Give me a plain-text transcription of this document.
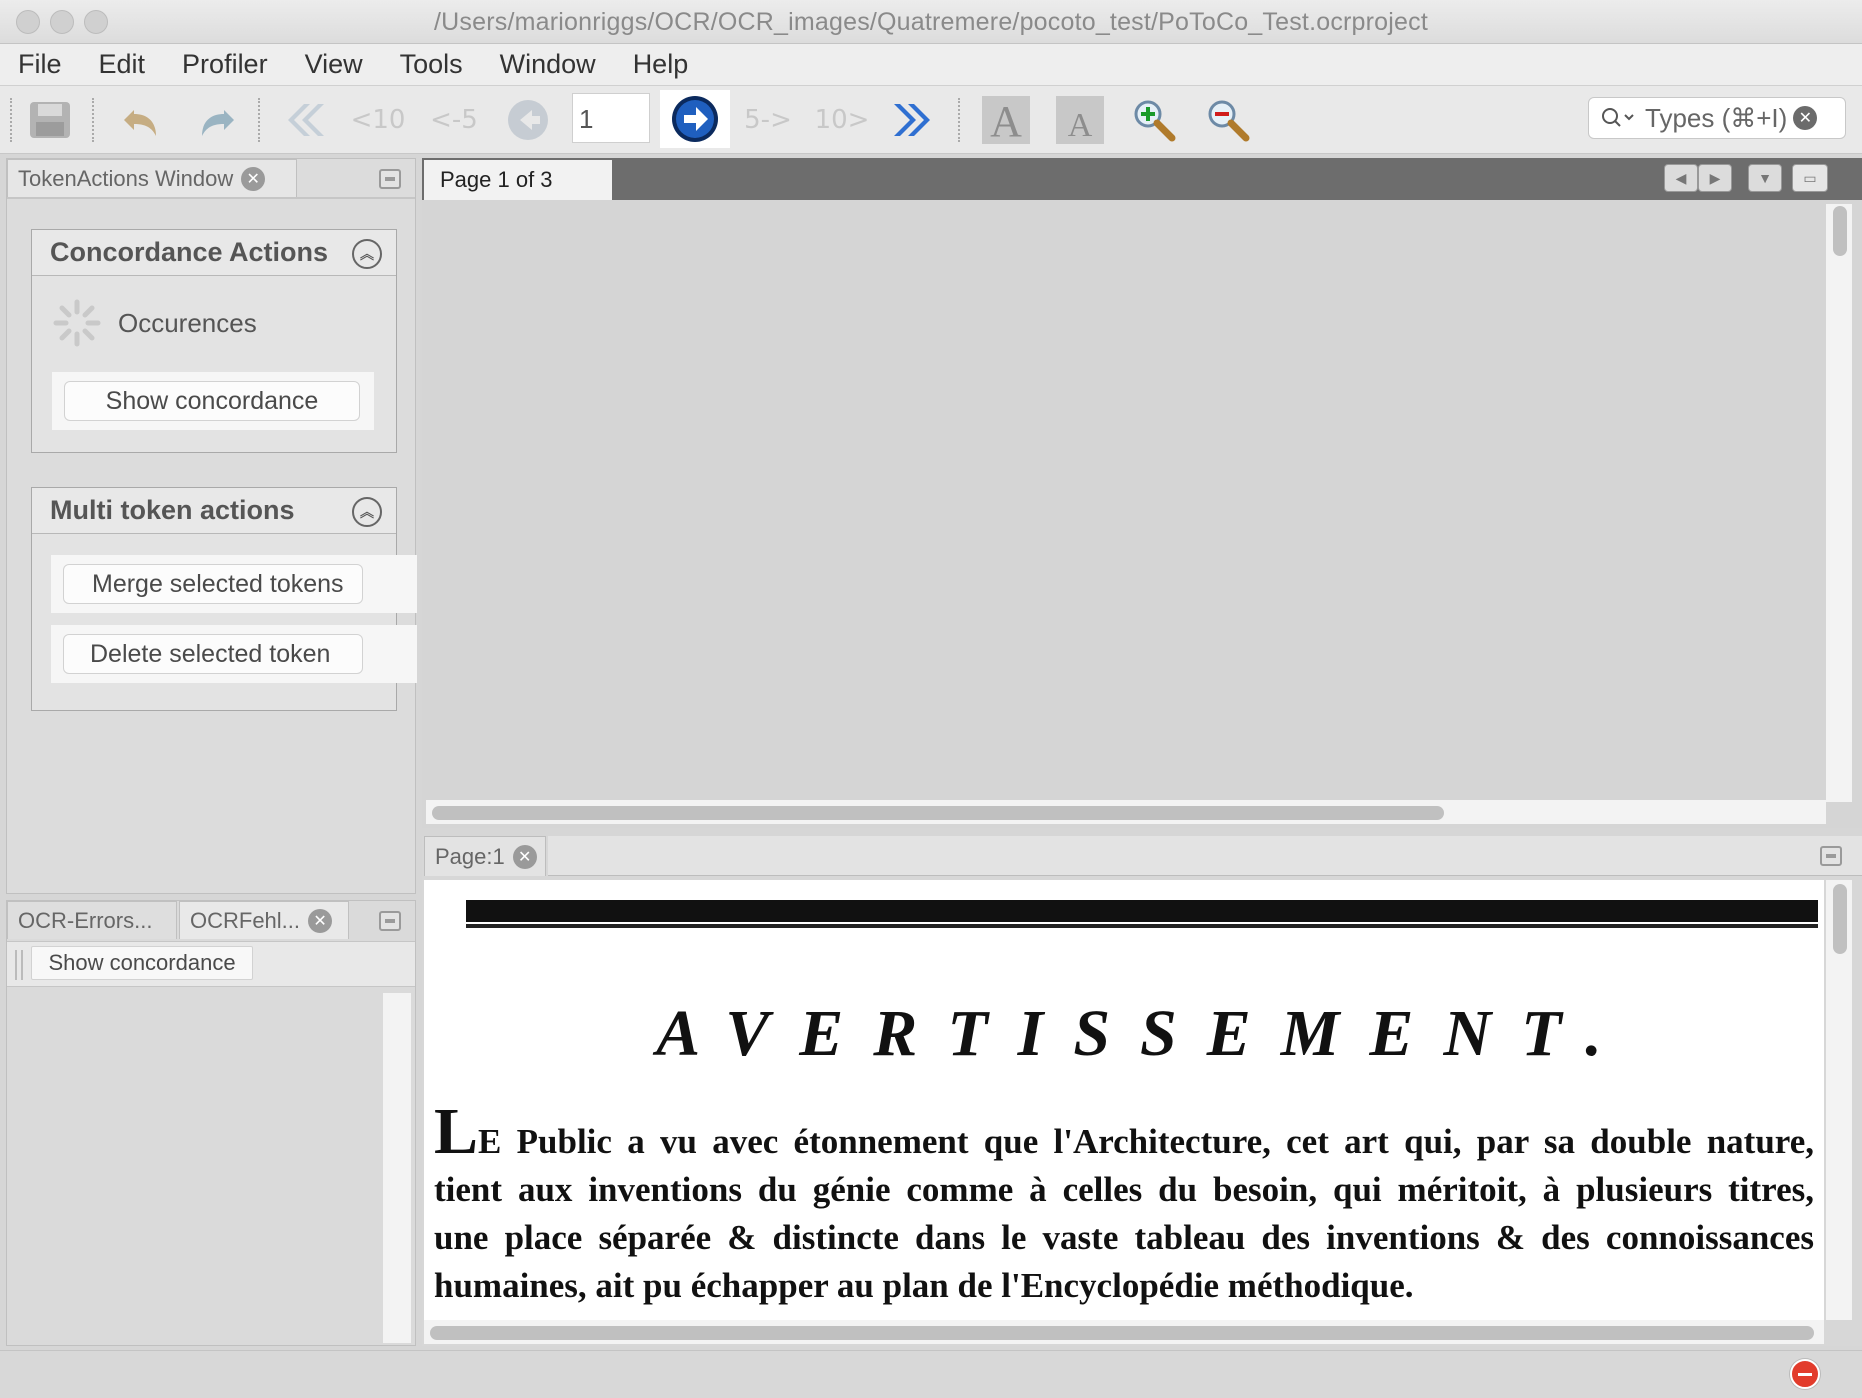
/Users/marionriggs/OCR/OCR_images/Quatremere/pocoto_test/PoToCo_Test.ocrproject
File Edit Profiler View Tools Window Help
<10 <-5	1	5-> 10>	A A	Types (⌘+I) ✕
TokenActions Window ✕
Concordance Actions	︽
Occurences
Show concordance
Multi token actions	︽
Merge selected tokens
Delete selected token
OCR-Errors... OCRFehl... ✕
Show concordance
Page 1 of 3	◀	▶	▼	▭
Page:1 ✕
AVERTISSEMENT.
LE Public a vu avec étonnement que l'Architecture, cet art qui, par sa double nature,
tient aux inventions du génie comme à celles du besoin, qui méritoit, à plusieurs titres,
une place séparée & distincte dans le vaste tableau des inventions & des connoissances
humaines, ait pu échapper au plan de l'Encyclopédie méthodique.
